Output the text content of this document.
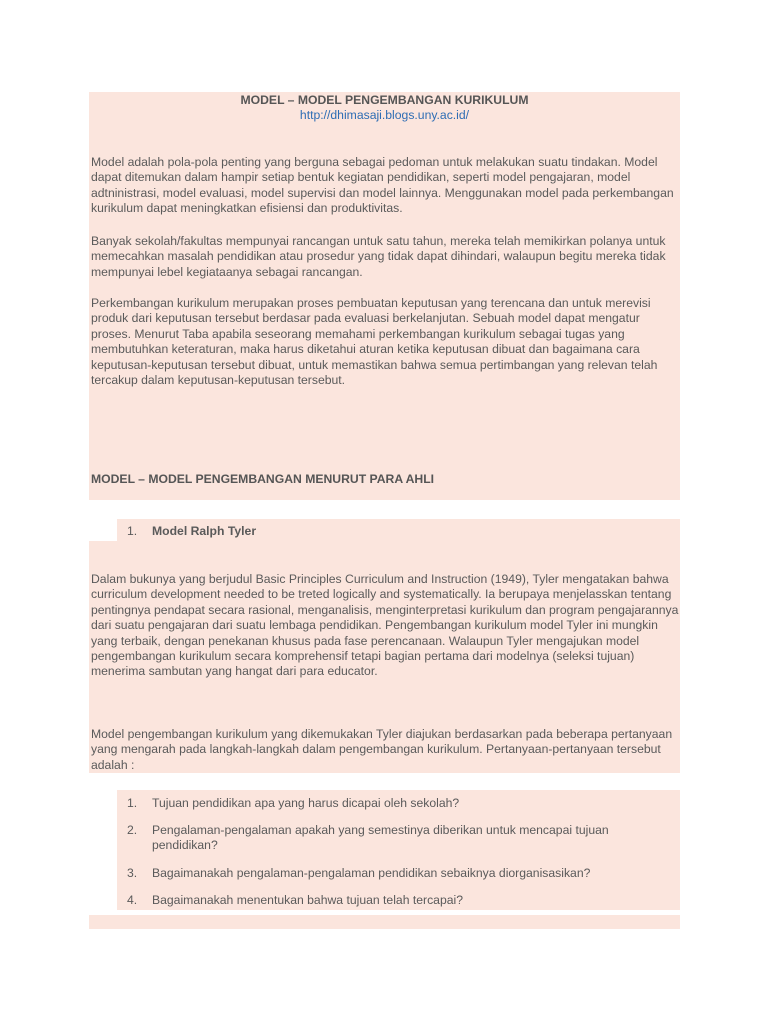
MODEL – MODEL PENGEMBANGAN KURIKULUM
http://dhimasaji.blogs.uny.ac.id/

Model adalah pola-pola penting yang berguna sebagai pedoman untuk melakukan suatu tindakan. Model dapat ditemukan dalam hampir setiap bentuk kegiatan pendidikan, seperti model pengajaran, model adtninistrasi, model evaluasi, model supervisi dan model lainnya. Menggunakan model pada perkembangan kurikulum dapat meningkatkan efisiensi dan produktivitas.

Banyak sekolah/fakultas mempunyai rancangan untuk satu tahun, mereka telah memikirkan polanya untuk memecahkan masalah pendidikan atau prosedur yang tidak dapat dihindari, walaupun begitu mereka tidak mempunyai lebel kegiataanya sebagai rancangan.

Perkembangan kurikulum merupakan proses pembuatan keputusan yang terencana dan untuk merevisi produk dari keputusan tersebut berdasar pada evaluasi berkelanjutan. Sebuah model dapat mengatur proses. Menurut Taba apabila seseorang memahami perkembangan kurikulum sebagai tugas yang membutuhkan keteraturan, maka harus diketahui aturan ketika keputusan dibuat dan bagaimana cara keputusan-keputusan tersebut dibuat, untuk memastikan bahwa semua pertimbangan yang relevan telah tercakup dalam keputusan-keputusan tersebut.

MODEL – MODEL PENGEMBANGAN MENURUT PARA AHLI
1. Model Ralph Tyler

Dalam bukunya yang berjudul Basic Principles Curriculum and Instruction (1949), Tyler mengatakan bahwa curriculum development needed to be treted logically and systematically. Ia berupaya menjelasskan tentang pentingnya pendapat secara rasional, menganalisis, menginterpretasi kurikulum dan program pengajarannya dari suatu pengajaran dari suatu lembaga pendidikan. Pengembangan kurikulum model Tyler ini mungkin yang terbaik, dengan penekanan khusus pada fase perencanaan. Walaupun Tyler mengajukan model pengembangan kurikulum secara komprehensif tetapi bagian pertama dari modelnya (seleksi tujuan) menerima sambutan yang hangat dari para educator.

Model pengembangan kurikulum yang dikemukakan Tyler diajukan berdasarkan pada beberapa pertanyaan yang mengarah pada langkah-langkah dalam pengembangan kurikulum. Pertanyaan-pertanyaan tersebut adalah :

1. Tujuan pendidikan apa yang harus dicapai oleh sekolah?
2. Pengalaman-pengalaman apakah yang semestinya diberikan untuk mencapai tujuan pendidikan?
3. Bagaimanakah pengalaman-pengalaman pendidikan sebaiknya diorganisasikan?
4. Bagaimanakah menentukan bahwa tujuan telah tercapai?
